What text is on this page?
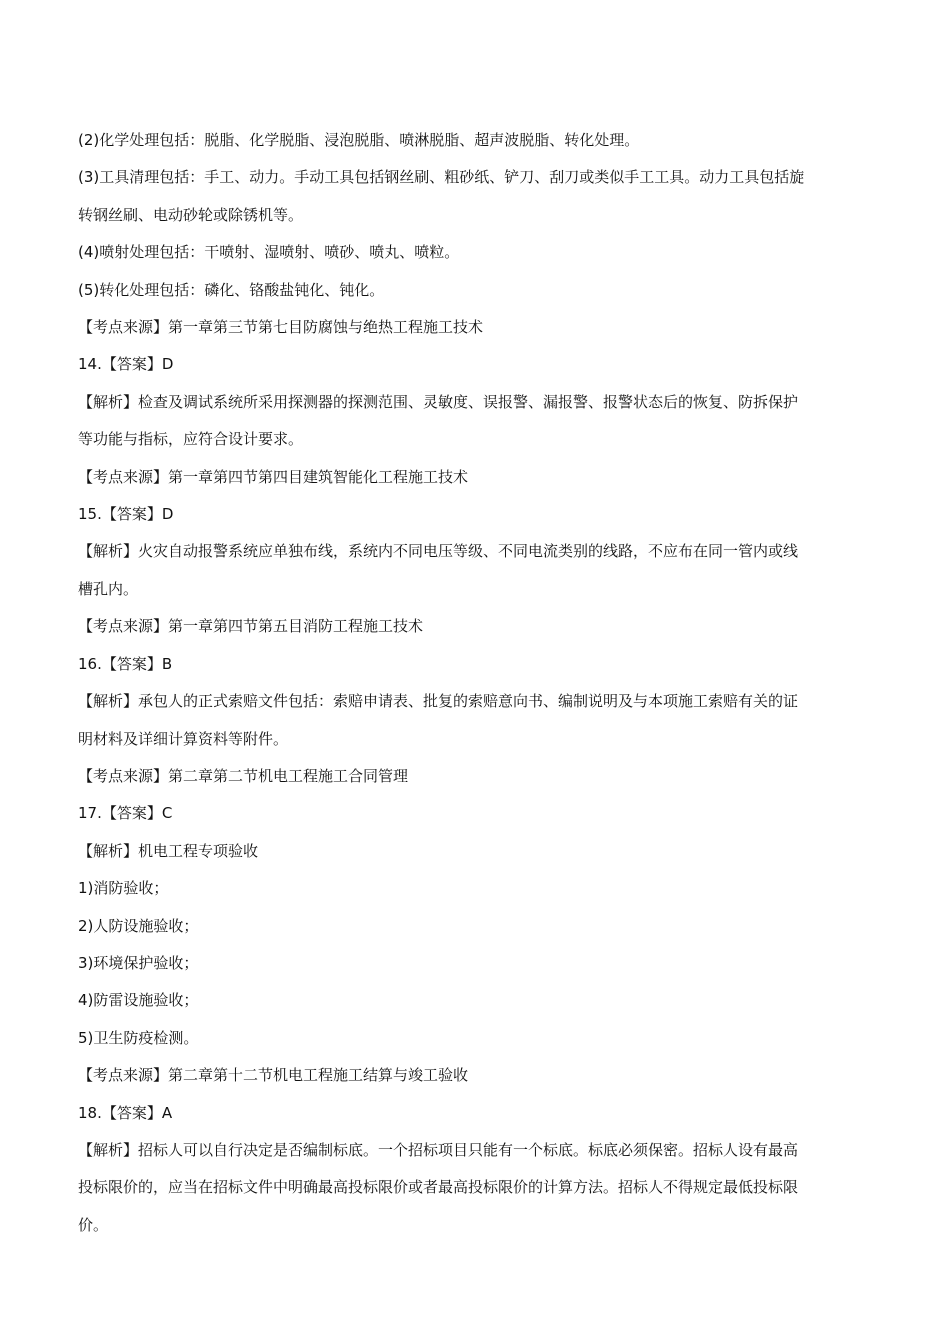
(2)化学处理包括：脱脂、化学脱脂、浸泡脱脂、喷淋脱脂、超声波脱脂、转化处理。
(3)工具清理包括：手工、动力。手动工具包括钢丝刷、粗砂纸、铲刀、刮刀或类似手工工具。动力工具包括旋
转钢丝刷、电动砂轮或除锈机等。
(4)喷射处理包括：干喷射、湿喷射、喷砂、喷丸、喷粒。
(5)转化处理包括：磷化、铬酸盐钝化、钝化。
【考点来源】第一章第三节第七目防腐蚀与绝热工程施工技术
14.【答案】D
【解析】检查及调试系统所采用探测器的探测范围、灵敏度、误报警、漏报警、报警状态后的恢复、防拆保护
等功能与指标，应符合设计要求。
【考点来源】第一章第四节第四目建筑智能化工程施工技术
15.【答案】D
【解析】火灾自动报警系统应单独布线，系统内不同电压等级、不同电流类别的线路，不应布在同一管内或线
槽孔内。
【考点来源】第一章第四节第五目消防工程施工技术
16.【答案】B
【解析】承包人的正式索赔文件包括：索赔申请表、批复的索赔意向书、编制说明及与本项施工索赔有关的证
明材料及详细计算资料等附件。
【考点来源】第二章第二节机电工程施工合同管理
17.【答案】C
【解析】机电工程专项验收
1)消防验收；
2)人防设施验收；
3)环境保护验收；
4)防雷设施验收；
5)卫生防疫检测。
【考点来源】第二章第十二节机电工程施工结算与竣工验收
18.【答案】A
【解析】招标人可以自行决定是否编制标底。一个招标项目只能有一个标底。标底必须保密。招标人设有最高
投标限价的，应当在招标文件中明确最高投标限价或者最高投标限价的计算方法。招标人不得规定最低投标限
价。
